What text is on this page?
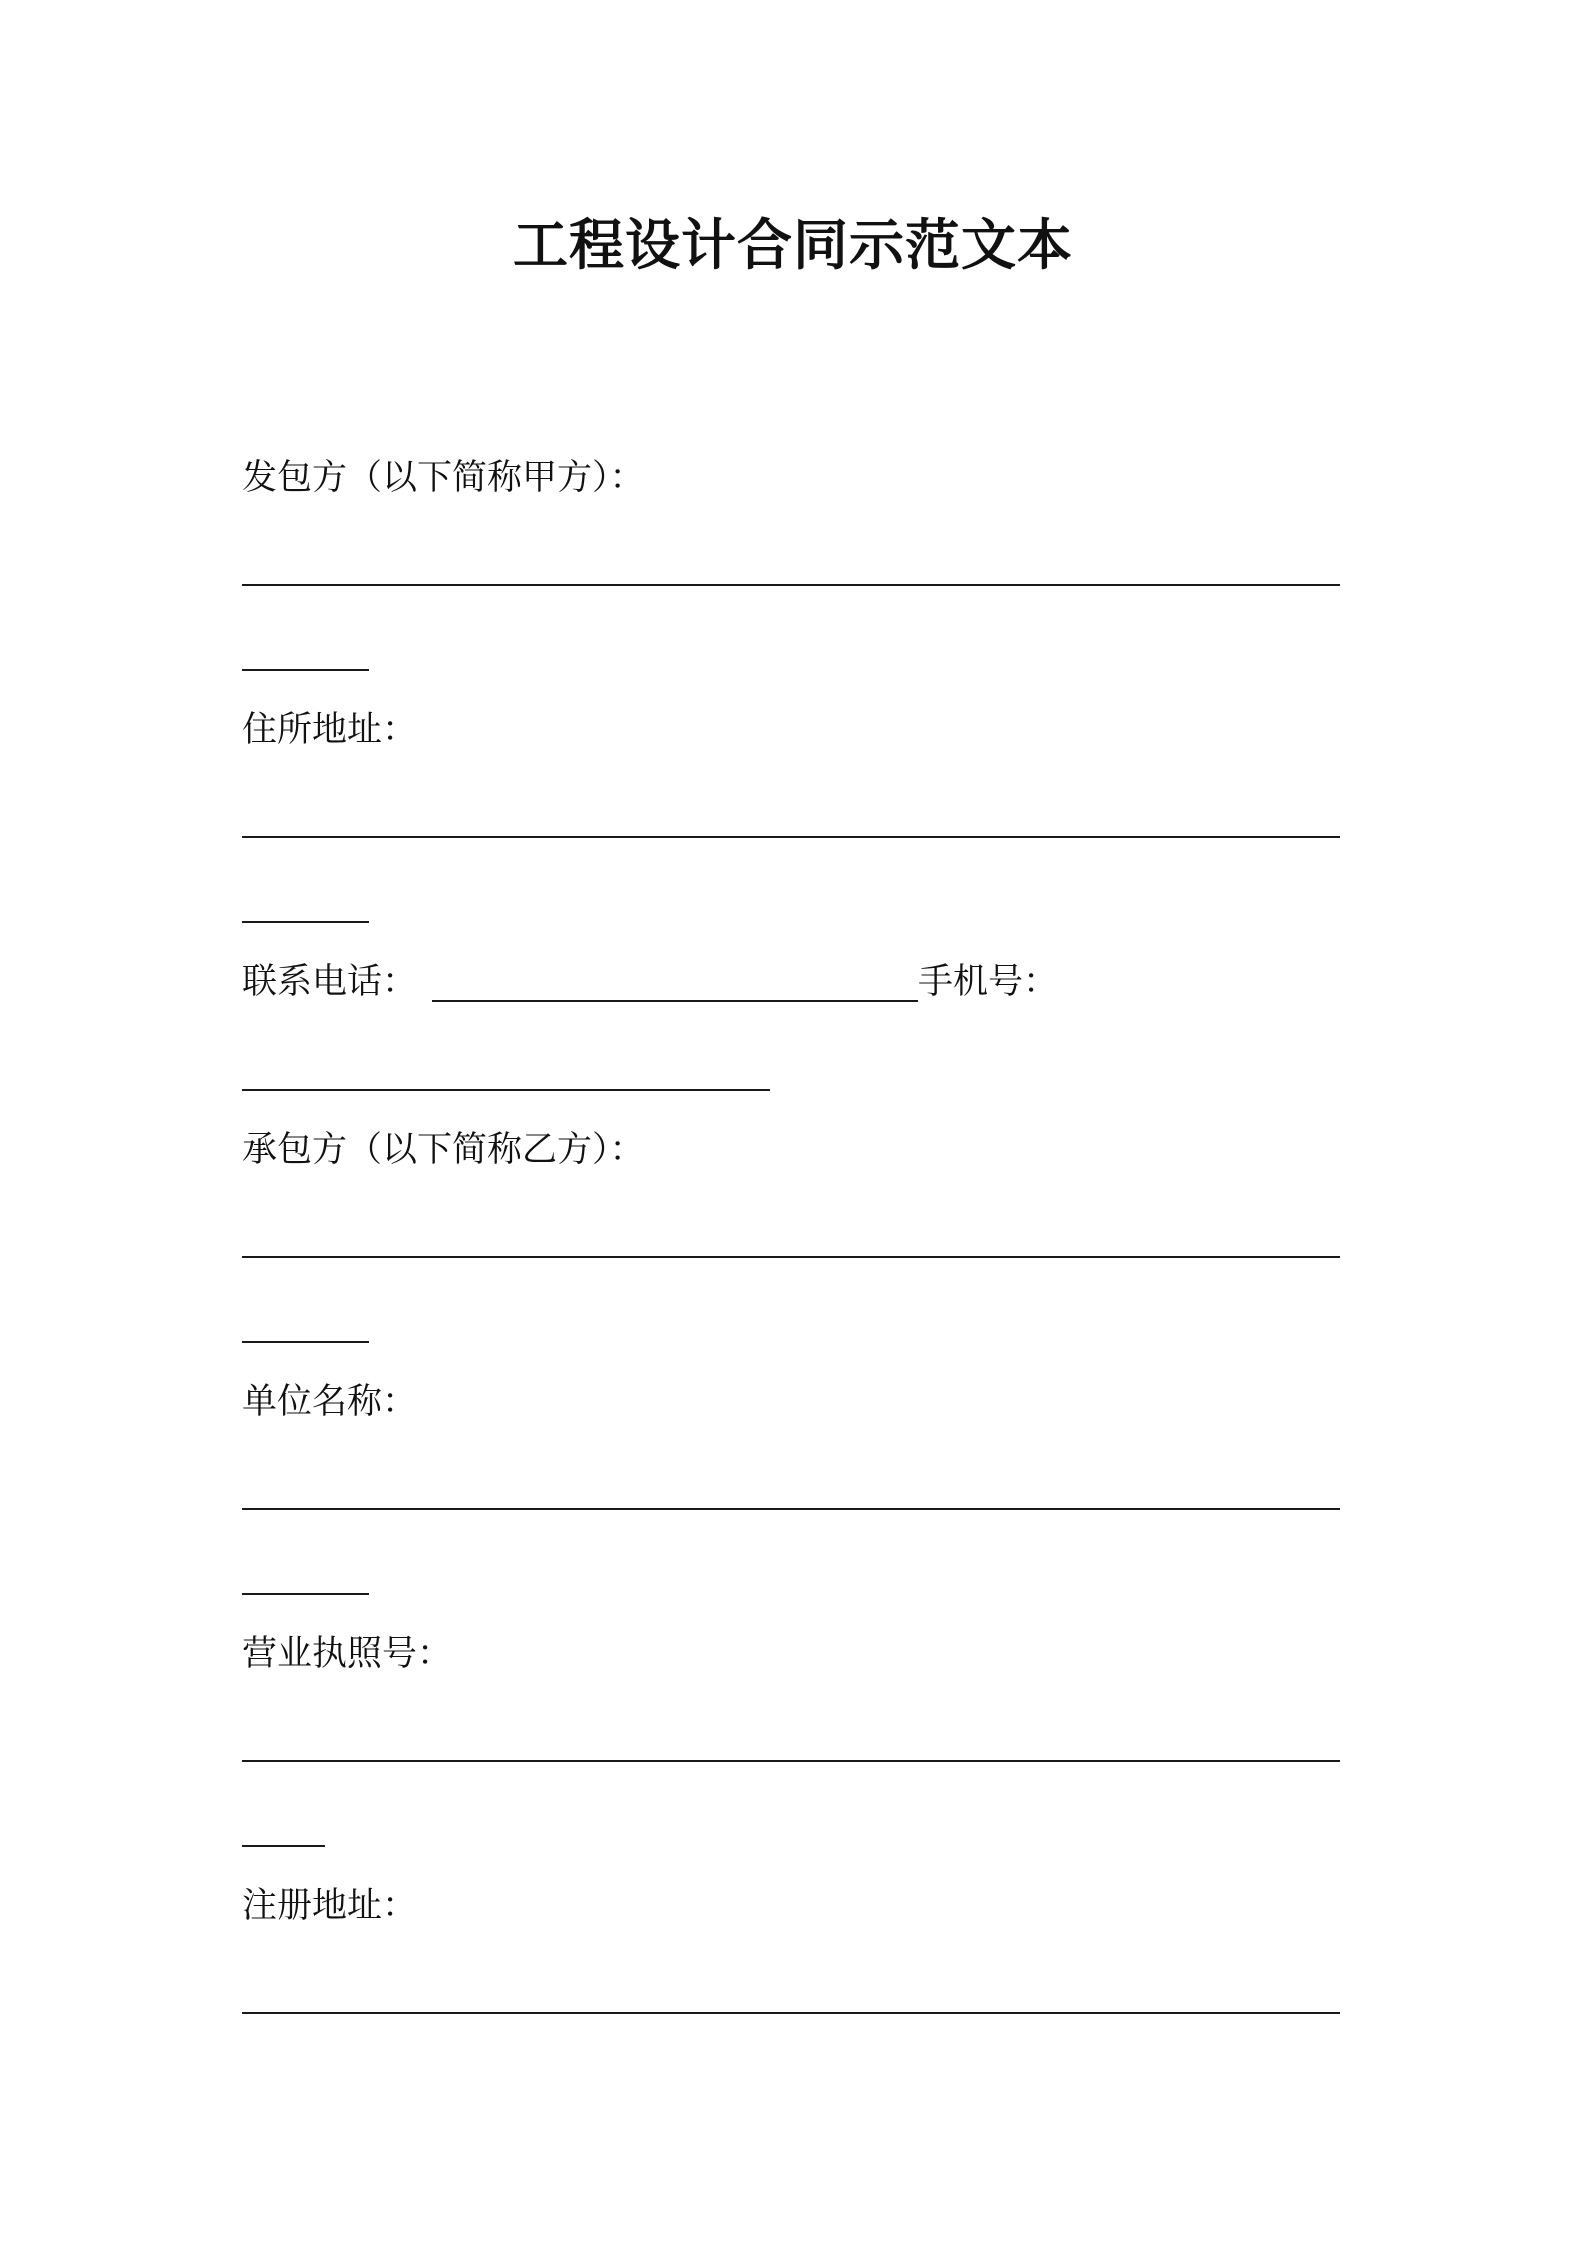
工程设计合同示范文本

发包方（以下简称甲方）：

住所地址：

联系电话：	手机号：

承包方（以下简称乙方）：

单位名称：

营业执照号：

注册地址：
